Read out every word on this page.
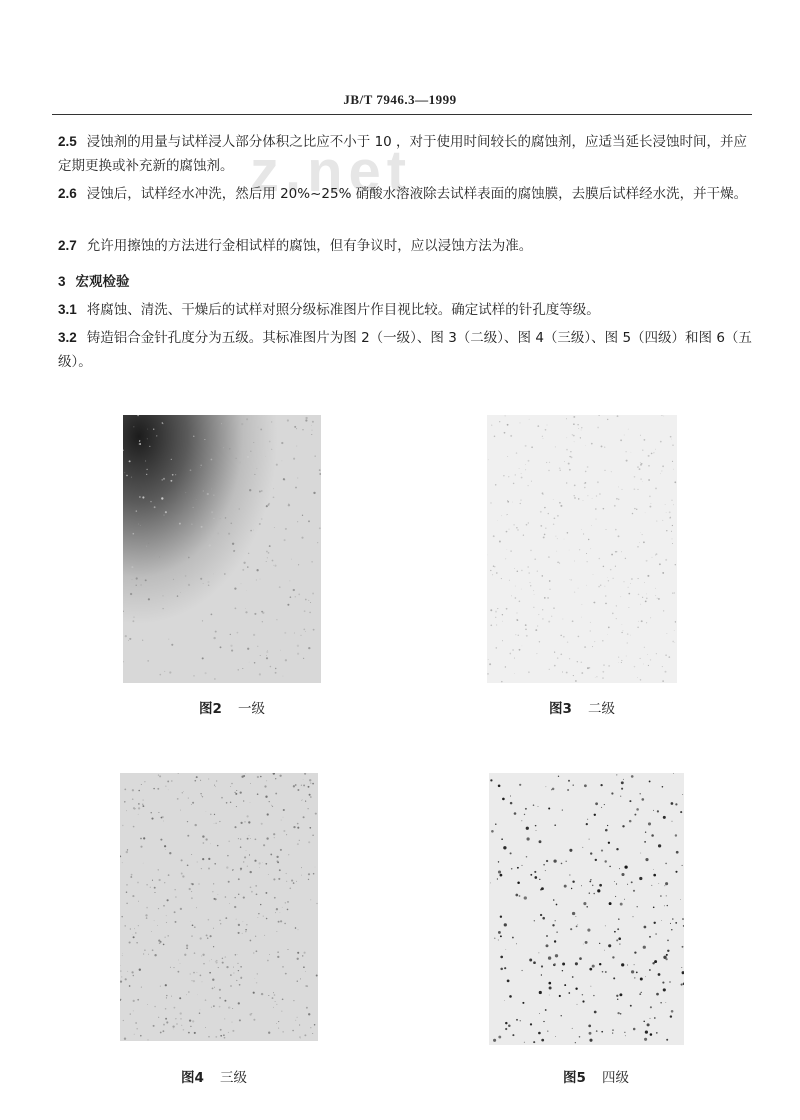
z.net
JB/T 7946.3—1999
2.5 浸蚀剂的用量与试样浸人部分体积之比应不小于 10 ，对于使用时间较长的腐蚀剂，应适当延长浸蚀时间，并应定期更换或补充新的腐蚀剂。
2.6 浸蚀后，试样经水冲洗，然后用 20%~25% 硝酸水溶液除去试样表面的腐蚀膜，去膜后试样经水洗，并干燥。
2.7 允许用擦蚀的方法进行金相试样的腐蚀，但有争议时，应以浸蚀方法为准。
3 宏观检验
3.1 将腐蚀、清洗、干燥后的试样对照分级标准图片作目视比较。确定试样的针孔度等级。
3.2 铸造铝合金针孔度分为五级。其标准图片为图 2（一级）、图 3（二级）、图 4（三级）、图 5（四级）和图 6（五级）。
图2 一级	图3 二级
图4 三级	图5 四级
